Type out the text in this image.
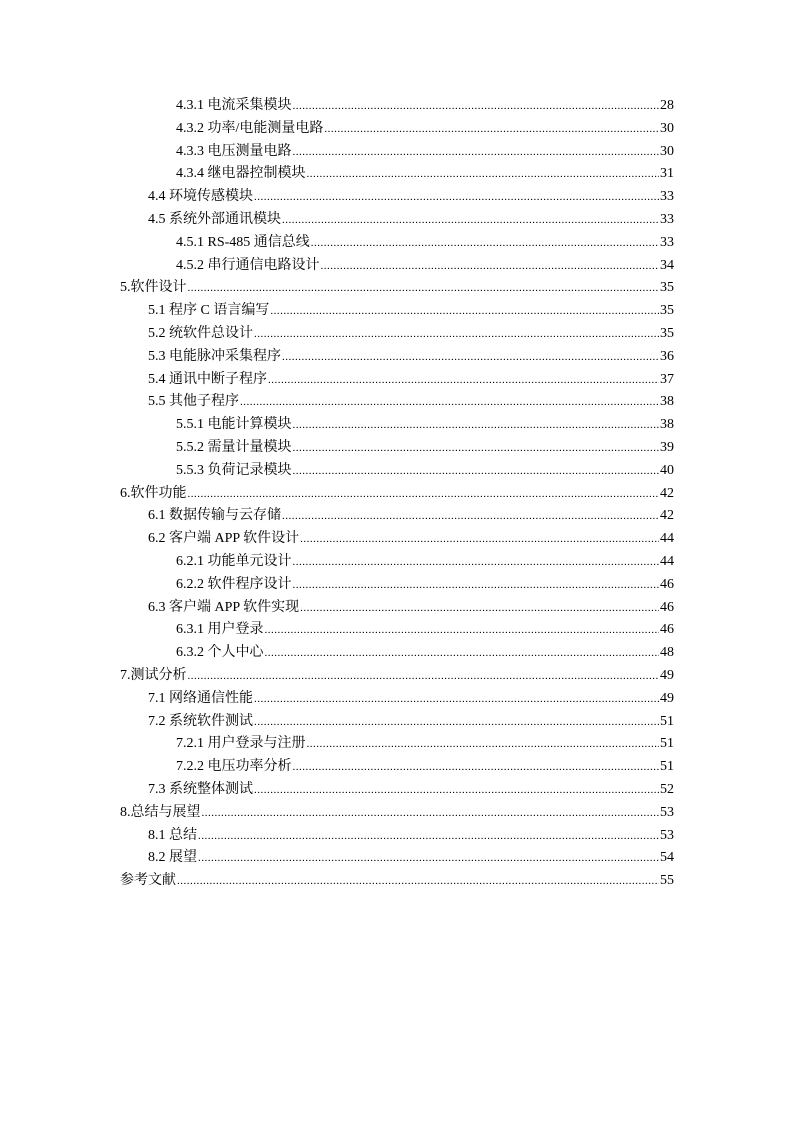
4.3.1 电流采集模块 .....	28
4.3.2 功率/电能测量电路 .....	30
4.3.3 电压测量电路 .....	30
4.3.4 继电器控制模块 .....	31
4.4 环境传感模块 .....	33
4.5 系统外部通讯模块 .....	33
4.5.1 RS-485 通信总线 .....	33
4.5.2 串行通信电路设计 .....	34
5.软件设计 .....	35
5.1 程序 C 语言编写 .....	35
5.2 统软件总设计 .....	35
5.3 电能脉冲采集程序 .....	36
5.4 通讯中断子程序 .....	37
5.5 其他子程序 .....	38
5.5.1 电能计算模块 .....	38
5.5.2 需量计量模块 .....	39
5.5.3 负荷记录模块 .....	40
6.软件功能 .....	42
6.1 数据传输与云存储 .....	42
6.2 客户端 APP 软件设计 .....	44
6.2.1 功能单元设计 .....	44
6.2.2 软件程序设计 .....	46
6.3 客户端 APP 软件实现 .....	46
6.3.1 用户登录 .....	46
6.3.2 个人中心 .....	48
7.测试分析 .....	49
7.1 网络通信性能 .....	49
7.2 系统软件测试 .....	51
7.2.1 用户登录与注册 .....	51
7.2.2 电压功率分析 .....	51
7.3 系统整体测试 .....	52
8.总结与展望 .....	53
8.1 总结 .....	53
8.2 展望 .....	54
参考文献 .....	55
